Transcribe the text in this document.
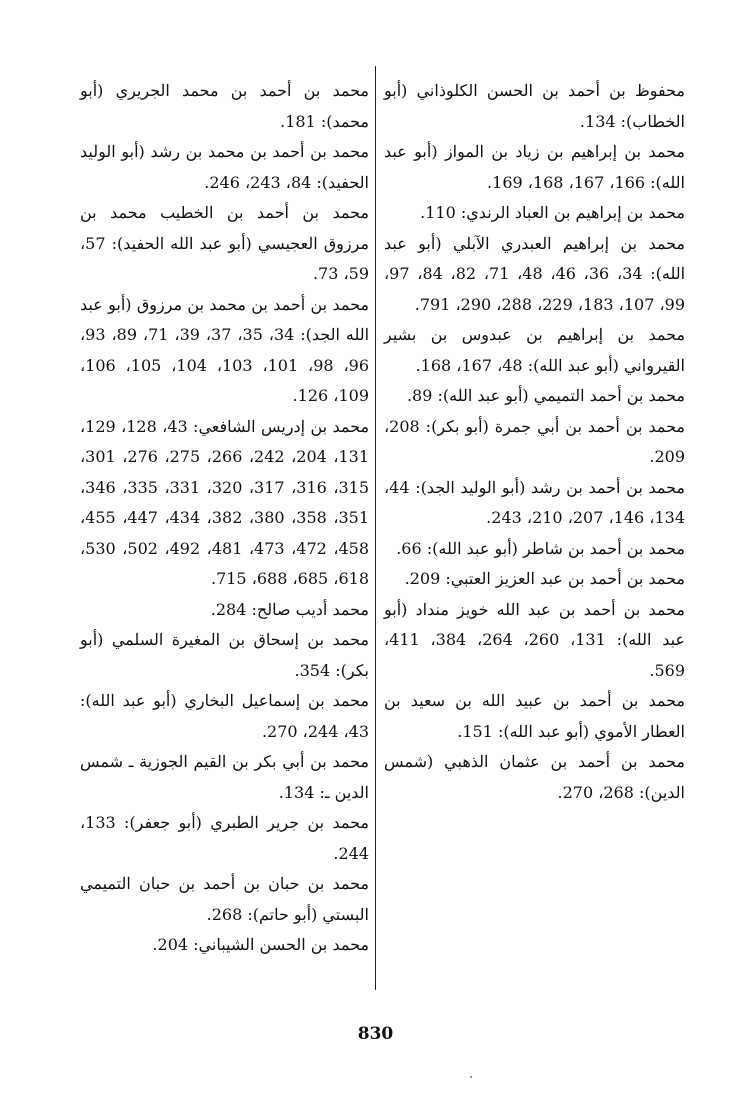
محفوظ بن أحمد بن الحسن الكلوذاني (أبو الخطاب): 134.
محمد بن إبراهيم بن زياد بن المواز (أبو عبد الله): 166، 167، 168، 169.
محمد بن إبراهيم بن العباد الرندي: 110.
محمد بن إبراهيم العبدري الآبلي (أبو عبد الله): 34، 36، 46، 48، 71، 82، 84، 97، 99، 107، 183، 229، 288، 290، 791.
محمد بن إبراهيم بن عبدوس بن بشير القيرواني (أبو عبد الله): 48، 167، 168.
محمد بن أحمد التميمي (أبو عبد الله): 89.
محمد بن أحمد بن أبي جمرة (أبو بكر): 208، 209.
محمد بن أحمد بن رشد (أبو الوليد الجد): 44، 134، 146، 207، 210، 243.
محمد بن أحمد بن شاطر (أبو عبد الله): 66.
محمد بن أحمد بن عبد العزيز العتبي: 209.
محمد بن أحمد بن عبد الله خويز منداد (أبو عبد الله): 131، 260، 264، 384، 411، 569.
محمد بن أحمد بن عبيد الله بن سعيد بن العطار الأموي (أبو عبد الله): 151.
محمد بن أحمد بن عثمان الذهبي (شمس الدين): 268، 270.
محمد بن أحمد بن محمد الجريري (أبو محمد): 181.
محمد بن أحمد بن محمد بن رشد (أبو الوليد الحفيد): 84، 243، 246.
محمد بن أحمد بن الخطيب محمد بن مرزوق العجيسي (أبو عبد الله الحفيد): 57، 59، 73.
محمد بن أحمد بن محمد بن مرزوق (أبو عبد الله الجد): 34، 35، 37، 39، 71، 89، 93، 96، 98، 101، 103، 104، 105، 106، 109، 126.
محمد بن إدريس الشافعي: 43، 128، 129، 131، 204، 242، 266، 275، 276، 301، 315، 316، 317، 320، 331، 335، 346، 351، 358، 380، 382، 434، 447، 455، 458، 472، 473، 481، 492، 502، 530، 618، 685، 688، 715.
محمد أديب صالح: 284.
محمد بن إسحاق بن المغيرة السلمي (أبو بكر): 354.
محمد بن إسماعيل البخاري (أبو عبد الله): 43، 244، 270.
محمد بن أبي بكر بن القيم الجوزية ـ شمس الدين ـ: 134.
محمد بن جرير الطبري (أبو جعفر): 133، 244.
محمد بن حبان بن أحمد بن حبان التميمي البستي (أبو حاتم): 268.
محمد بن الحسن الشيباني: 204.
830
